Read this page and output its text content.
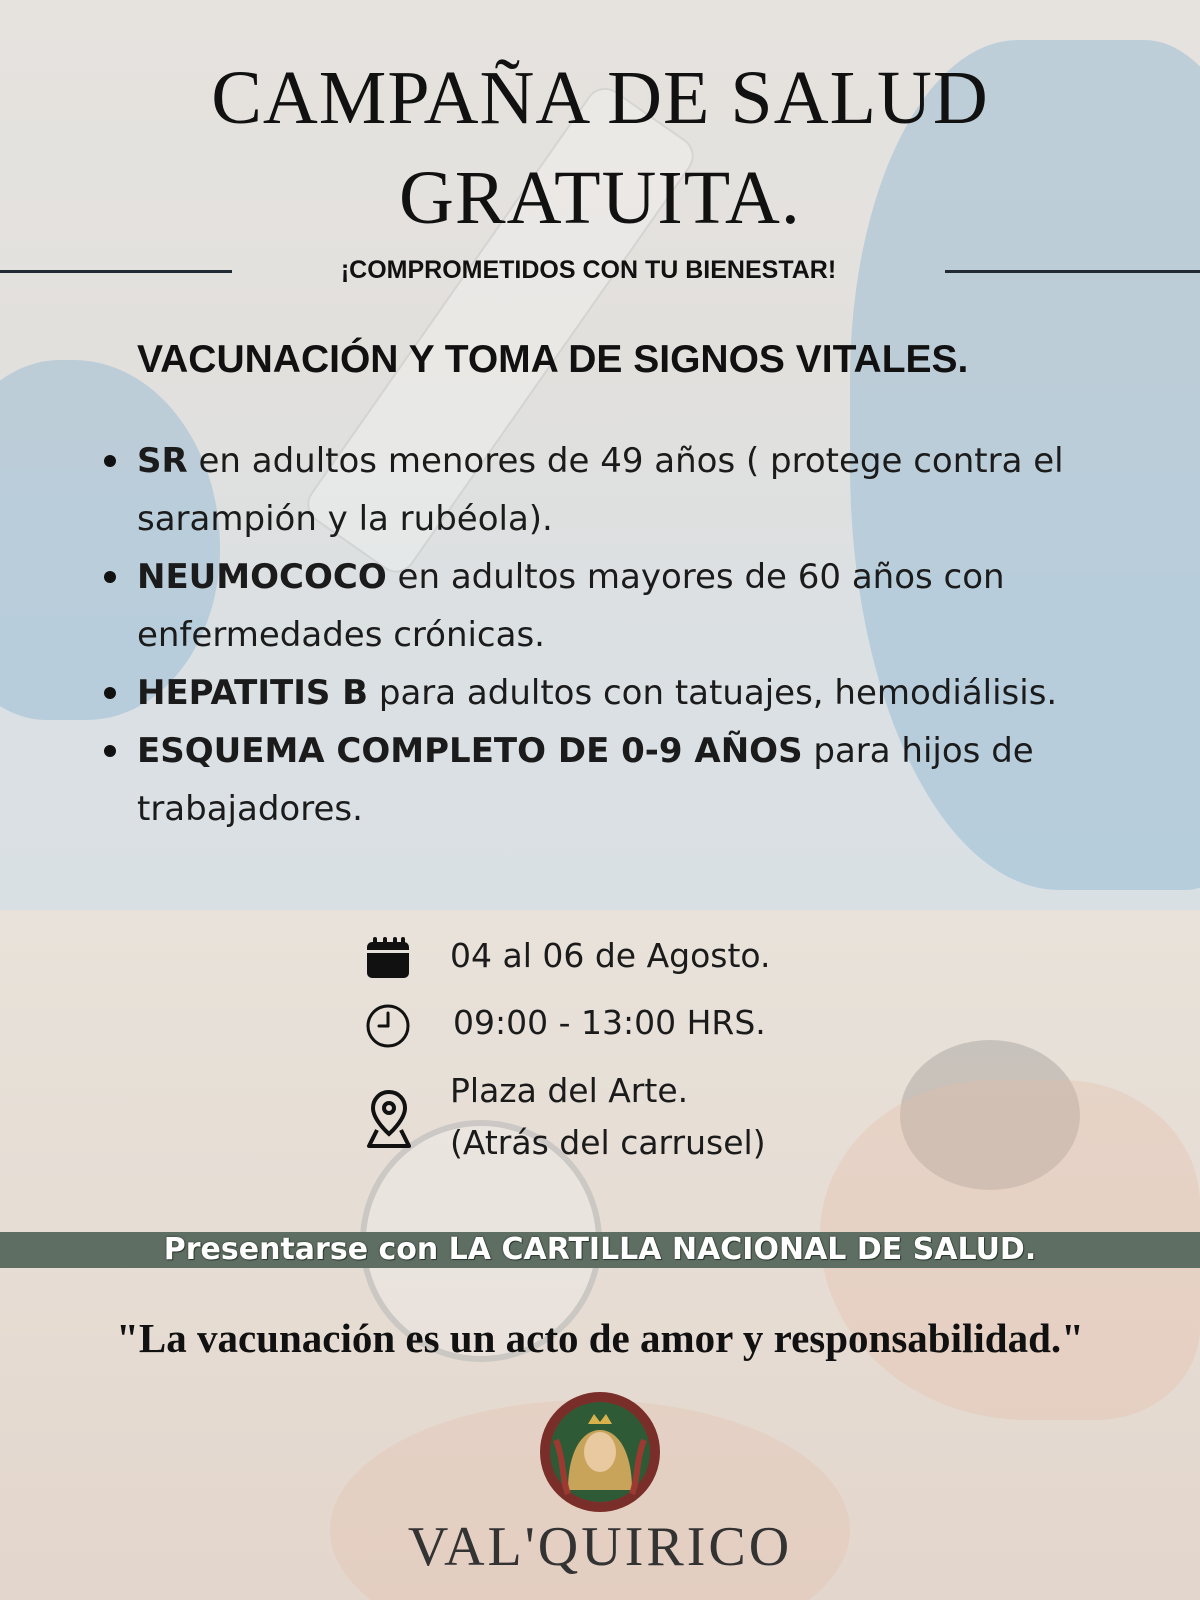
CAMPAÑA DE SALUD
GRATUITA.
¡COMPROMETIDOS CON TU BIENESTAR!
VACUNACIÓN Y TOMA DE SIGNOS VITALES.
SR en adultos menores de 49 años ( protege contra el sarampión y la rubéola).
NEUMOCOCO en adultos mayores de 60 años con enfermedades crónicas.
HEPATITIS B para adultos con tatuajes, hemodiálisis.
ESQUEMA COMPLETO DE 0-9 AÑOS para hijos de trabajadores.
04 al 06 de Agosto.
09:00 - 13:00 HRS.
Plaza del Arte.
(Atrás del carrusel)
Presentarse con LA CARTILLA NACIONAL DE SALUD.
"La vacunación es un acto de amor y responsabilidad."
VAL'QUIRICO
